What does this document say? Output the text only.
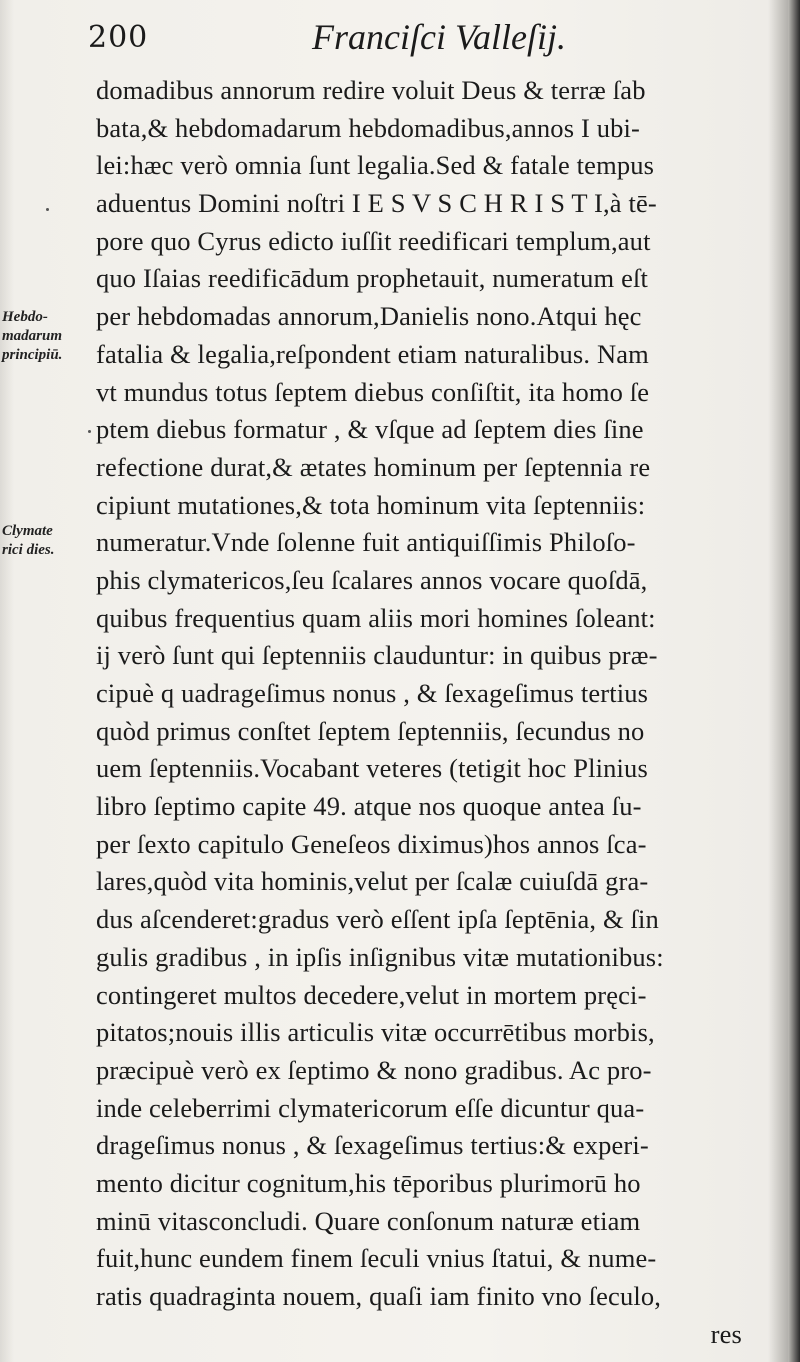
200	Franciſci Valleſij.
Hebdo-
madarum
principiū.
Clymate
rici dies.
domadibus annorum redire voluit Deus & terræ ſab
bata,& hebdomadarum hebdomadibus,annos I ubi-
lei:hæc verò omnia ſunt legalia.Sed & fatale tempus
aduentus Domini noſtri I E S V S C H R I S T I,à tē-
pore quo Cyrus edicto iuſſit reedificari templum,aut
quo Iſaias reedificādum prophetauit, numeratum eſt
per hebdomadas annorum,Danielis nono.Atqui hęc
fatalia & legalia,reſpondent etiam naturalibus. Nam
vt mundus totus ſeptem diebus conſiſtit, ita homo ſe
ptem diebus formatur , & vſque ad ſeptem dies ſine
refectione durat,& ætates hominum per ſeptennia re
cipiunt mutationes,& tota hominum vita ſeptenniis:
numeratur.Vnde ſolenne fuit antiquiſſimis Philoſo-
phis clymatericos,ſeu ſcalares annos vocare quoſdā,
quibus frequentius quam aliis mori homines ſoleant:
ij verò ſunt qui ſeptenniis clauduntur: in quibus præ-
cipuè q uadrageſimus nonus , & ſexageſimus tertius
quòd primus conſtet ſeptem ſeptenniis, ſecundus no
uem ſeptenniis.Vocabant veteres (tetigit hoc Plinius
libro ſeptimo capite 49. atque nos quoque antea ſu-
per ſexto capitulo Geneſeos diximus)hos annos ſca-
lares,quòd vita hominis,velut per ſcalæ cuiuſdā gra-
dus aſcenderet:gradus verò eſſent ipſa ſeptēnia, & ſin
gulis gradibus , in ipſis inſignibus vitæ mutationibus:
contingeret multos decedere,velut in mortem pręci-
pitatos;nouis illis articulis vitæ occurrētibus morbis,
præcipuè verò ex ſeptimo & nono gradibus. Ac pro-
inde celeberrimi clymatericorum eſſe dicuntur qua-
drageſimus nonus , & ſexageſimus tertius:& experi-
mento dicitur cognitum,his tēporibus plurimorū ho
minū vitasconcludi. Quare conſonum naturæ etiam
fuit,hunc eundem finem ſeculi vnius ſtatui, & nume-
ratis quadraginta nouem, quaſi iam finito vno ſeculo,
res
